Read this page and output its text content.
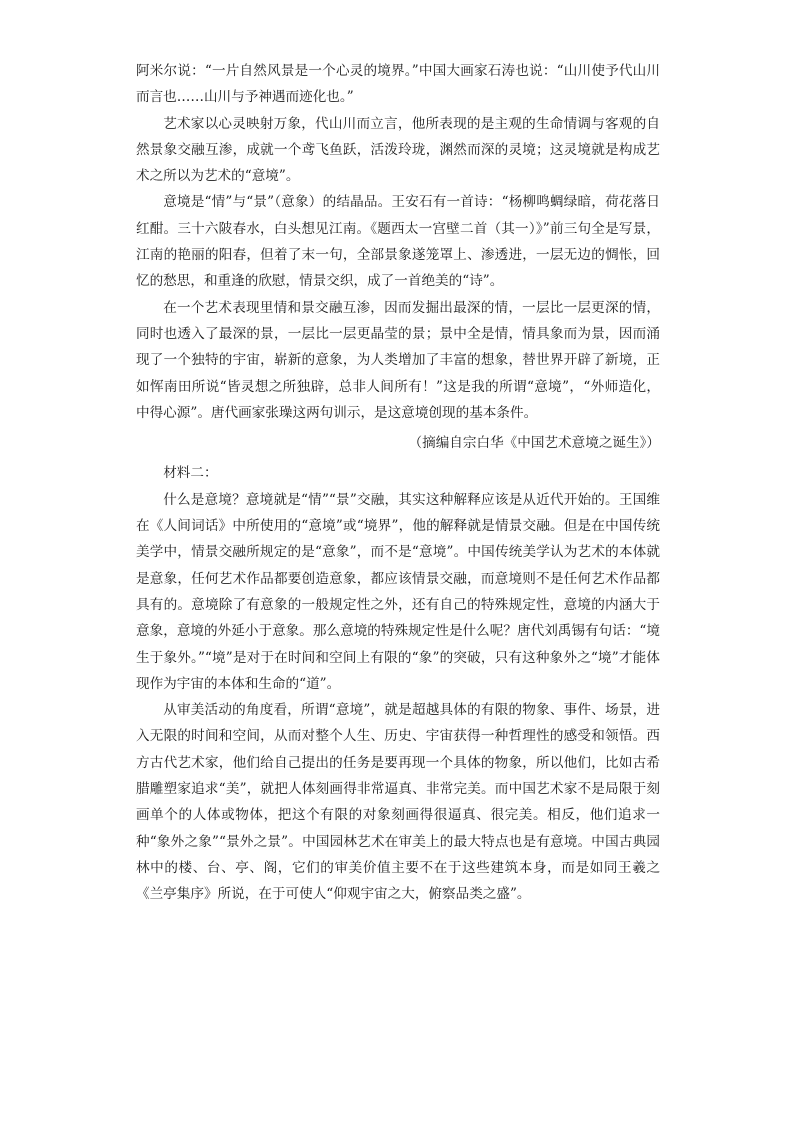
阿米尔说：“一片自然风景是一个心灵的境界。”中国大画家石涛也说：“山川使予代山川而言也……山川与予神遇而迹化也。”

艺术家以心灵映射万象，代山川而立言，他所表现的是主观的生命情调与客观的自然景象交融互渗，成就一个鸢飞鱼跃，活泼玲珑，渊然而深的灵境；这灵境就是构成艺术之所以为艺术的“意境”。

意境是“情”与“景”（意象）的结晶品。王安石有一首诗：“杨柳鸣蜩绿暗，荷花落日红酣。三十六陂春水，白头想见江南。《题西太一宫壁二首（其一）》”前三句全是写景，江南的艳丽的阳春，但着了末一句，全部景象遂笼罩上、渗透进，一层无边的惆怅，回忆的愁思，和重逢的欣慰，情景交织，成了一首绝美的“诗”。

在一个艺术表现里情和景交融互渗，因而发掘出最深的情，一层比一层更深的情，同时也透入了最深的景，一层比一层更晶莹的景；景中全是情，情具象而为景，因而涌现了一个独特的宇宙，崭新的意象，为人类增加了丰富的想象，替世界开辟了新境，正如恽南田所说“皆灵想之所独辟，总非人间所有！”这是我的所谓“意境”，“外师造化，中得心源”。唐代画家张璪这两句训示，是这意境创现的基本条件。

（摘编自宗白华《中国艺术意境之诞生》）

材料二：

什么是意境？意境就是“情”“景”交融，其实这种解释应该是从近代开始的。王国维在《人间词话》中所使用的“意境”或“境界”，他的解释就是情景交融。但是在中国传统美学中，情景交融所规定的是“意象”，而不是“意境”。中国传统美学认为艺术的本体就是意象，任何艺术作品都要创造意象，都应该情景交融，而意境则不是任何艺术作品都具有的。意境除了有意象的一般规定性之外，还有自己的特殊规定性，意境的内涵大于意象，意境的外延小于意象。那么意境的特殊规定性是什么呢？唐代刘禹锡有句话：“境生于象外。”“境”是对于在时间和空间上有限的“象”的突破，只有这种象外之“境”才能体现作为宇宙的本体和生命的“道”。

从审美活动的角度看，所谓“意境”，就是超越具体的有限的物象、事件、场景，进入无限的时间和空间，从而对整个人生、历史、宇宙获得一种哲理性的感受和领悟。西方古代艺术家，他们给自己提出的任务是要再现一个具体的物象，所以他们，比如古希腊雕塑家追求“美”，就把人体刻画得非常逼真、非常完美。而中国艺术家不是局限于刻画单个的人体或物体，把这个有限的对象刻画得很逼真、很完美。相反，他们追求一种“象外之象”“景外之景”。中国园林艺术在审美上的最大特点也是有意境。中国古典园林中的楼、台、亭、阁，它们的审美价值主要不在于这些建筑本身，而是如同王羲之《兰亭集序》所说，在于可使人“仰观宇宙之大，俯察品类之盛”。
